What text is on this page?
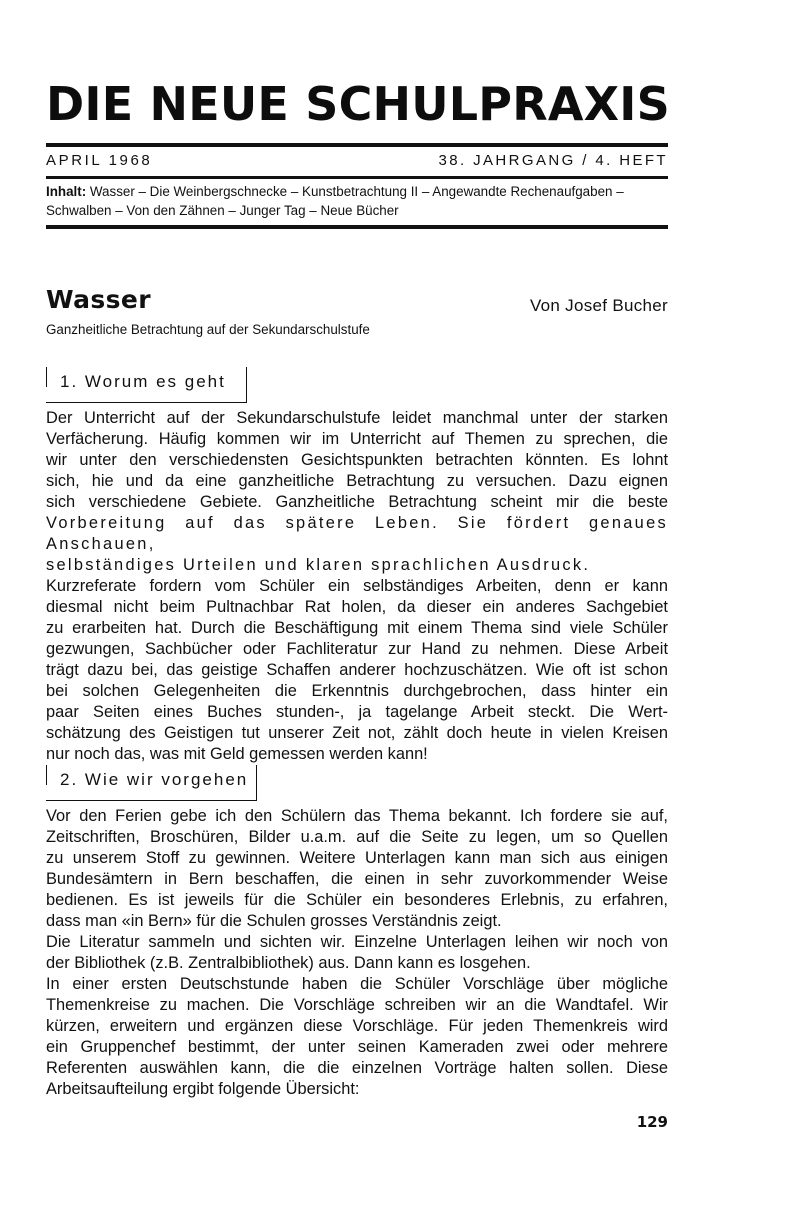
DIE NEUE SCHULPRAXIS
APRIL 1968	38. JAHRGANG / 4. HEFT
Inhalt: Wasser – Die Weinbergschnecke – Kunstbetrachtung II – Angewandte Rechenaufgaben –
Schwalben – Von den Zähnen – Junger Tag – Neue Bücher
Wasser	Von Josef Bucher
Ganzheitliche Betrachtung auf der Sekundarschulstufe
1. Worum es geht

Der Unterricht auf der Sekundarschulstufe leidet manchmal unter der starken

Verfächerung. Häufig kommen wir im Unterricht auf Themen zu sprechen, die

wir unter den verschiedensten Gesichtspunkten betrachten könnten. Es lohnt

sich, hie und da eine ganzheitliche Betrachtung zu versuchen. Dazu eignen

sich verschiedene Gebiete. Ganzheitliche Betrachtung scheint mir die beste

Vorbereitung auf das spätere Leben. Sie fördert genaues Anschauen,

selbständiges Urteilen und klaren sprachlichen Ausdruck.

Kurzreferate fordern vom Schüler ein selbständiges Arbeiten, denn er kann

diesmal nicht beim Pultnachbar Rat holen, da dieser ein anderes Sachgebiet

zu erarbeiten hat. Durch die Beschäftigung mit einem Thema sind viele Schüler

gezwungen, Sachbücher oder Fachliteratur zur Hand zu nehmen. Diese Arbeit

trägt dazu bei, das geistige Schaffen anderer hochzuschätzen. Wie oft ist schon

bei solchen Gelegenheiten die Erkenntnis durchgebrochen, dass hinter ein

paar Seiten eines Buches stunden-, ja tagelange Arbeit steckt. Die Wert-

schätzung des Geistigen tut unserer Zeit not, zählt doch heute in vielen Kreisen

nur noch das, was mit Geld gemessen werden kann!

2. Wie wir vorgehen

Vor den Ferien gebe ich den Schülern das Thema bekannt. Ich fordere sie auf,

Zeitschriften, Broschüren, Bilder u.a.m. auf die Seite zu legen, um so Quellen

zu unserem Stoff zu gewinnen. Weitere Unterlagen kann man sich aus einigen

Bundesämtern in Bern beschaffen, die einen in sehr zuvorkommender Weise

bedienen. Es ist jeweils für die Schüler ein besonderes Erlebnis, zu erfahren,

dass man «in Bern» für die Schulen grosses Verständnis zeigt.

Die Literatur sammeln und sichten wir. Einzelne Unterlagen leihen wir noch von

der Bibliothek (z.B. Zentralbibliothek) aus. Dann kann es losgehen.

In einer ersten Deutschstunde haben die Schüler Vorschläge über mögliche

Themenkreise zu machen. Die Vorschläge schreiben wir an die Wandtafel. Wir

kürzen, erweitern und ergänzen diese Vorschläge. Für jeden Themenkreis wird

ein Gruppenchef bestimmt, der unter seinen Kameraden zwei oder mehrere

Referenten auswählen kann, die die einzelnen Vorträge halten sollen. Diese

Arbeitsaufteilung ergibt folgende Übersicht:

129
